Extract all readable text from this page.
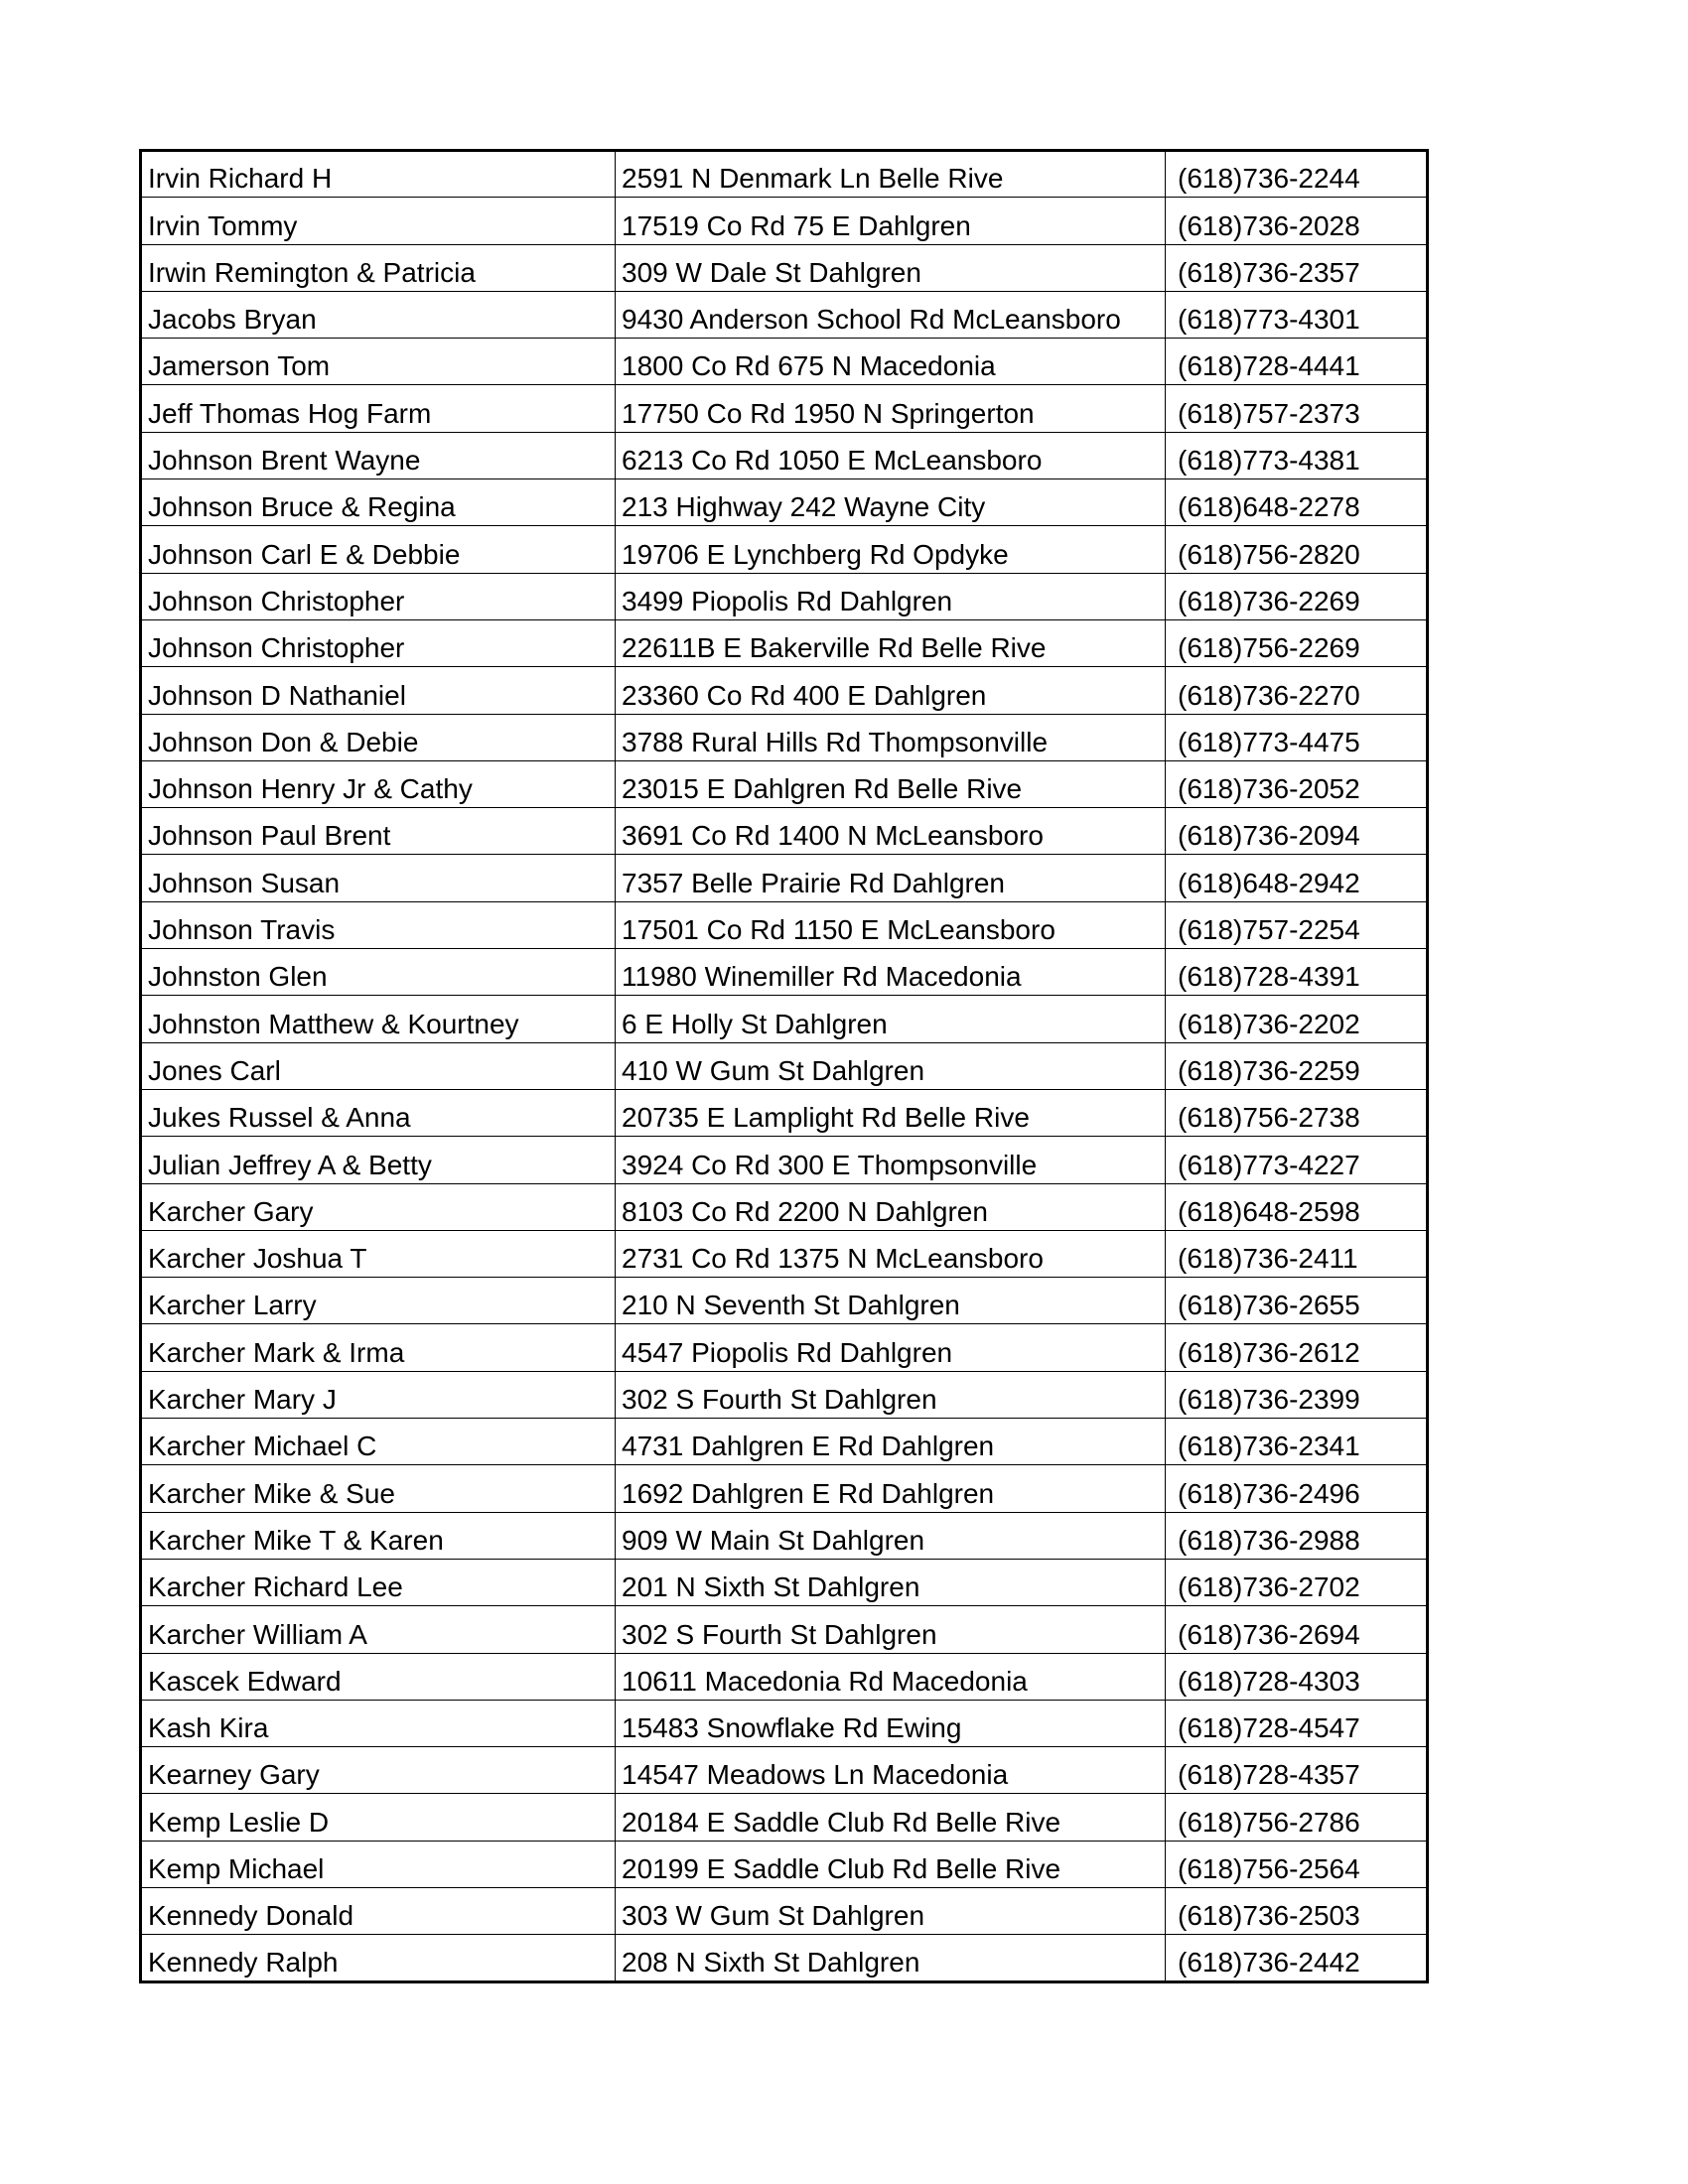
Irvin Richard H	2591 N Denmark Ln Belle Rive	(618)736-2244
Irvin Tommy	17519 Co Rd 75 E Dahlgren	(618)736-2028
Irwin Remington & Patricia	309 W Dale St Dahlgren	(618)736-2357
Jacobs Bryan	9430 Anderson School Rd McLeansboro	(618)773-4301
Jamerson Tom	1800 Co Rd 675 N Macedonia	(618)728-4441
Jeff Thomas Hog Farm	17750 Co Rd 1950 N Springerton	(618)757-2373
Johnson Brent Wayne	6213 Co Rd 1050 E McLeansboro	(618)773-4381
Johnson Bruce & Regina	213 Highway 242 Wayne City	(618)648-2278
Johnson Carl E & Debbie	19706 E Lynchberg Rd Opdyke	(618)756-2820
Johnson Christopher	3499 Piopolis Rd Dahlgren	(618)736-2269
Johnson Christopher	22611B E Bakerville Rd Belle Rive	(618)756-2269
Johnson D Nathaniel	23360 Co Rd 400 E Dahlgren	(618)736-2270
Johnson Don & Debie	3788 Rural Hills Rd Thompsonville	(618)773-4475
Johnson Henry Jr & Cathy	23015 E Dahlgren Rd Belle Rive	(618)736-2052
Johnson Paul Brent	3691 Co Rd 1400 N McLeansboro	(618)736-2094
Johnson Susan	7357 Belle Prairie Rd Dahlgren	(618)648-2942
Johnson Travis	17501 Co Rd 1150 E McLeansboro	(618)757-2254
Johnston Glen	11980 Winemiller Rd Macedonia	(618)728-4391
Johnston Matthew & Kourtney	6 E Holly St Dahlgren	(618)736-2202
Jones Carl	410 W Gum St Dahlgren	(618)736-2259
Jukes Russel & Anna	20735 E Lamplight Rd Belle Rive	(618)756-2738
Julian Jeffrey A & Betty	3924 Co Rd 300 E Thompsonville	(618)773-4227
Karcher Gary	8103 Co Rd 2200 N Dahlgren	(618)648-2598
Karcher Joshua T	2731 Co Rd 1375 N McLeansboro	(618)736-2411
Karcher Larry	210 N Seventh St Dahlgren	(618)736-2655
Karcher Mark & Irma	4547 Piopolis Rd Dahlgren	(618)736-2612
Karcher Mary J	302 S Fourth St Dahlgren	(618)736-2399
Karcher Michael C	4731 Dahlgren E Rd Dahlgren	(618)736-2341
Karcher Mike & Sue	1692 Dahlgren E Rd Dahlgren	(618)736-2496
Karcher Mike T & Karen	909 W Main St Dahlgren	(618)736-2988
Karcher Richard Lee	201 N Sixth St Dahlgren	(618)736-2702
Karcher William A	302 S Fourth St Dahlgren	(618)736-2694
Kascek Edward	10611 Macedonia Rd Macedonia	(618)728-4303
Kash Kira	15483 Snowflake Rd Ewing	(618)728-4547
Kearney Gary	14547 Meadows Ln Macedonia	(618)728-4357
Kemp Leslie D	20184 E Saddle Club Rd Belle Rive	(618)756-2786
Kemp Michael	20199 E Saddle Club Rd Belle Rive	(618)756-2564
Kennedy Donald	303 W Gum St Dahlgren	(618)736-2503
Kennedy Ralph	208 N Sixth St Dahlgren	(618)736-2442
